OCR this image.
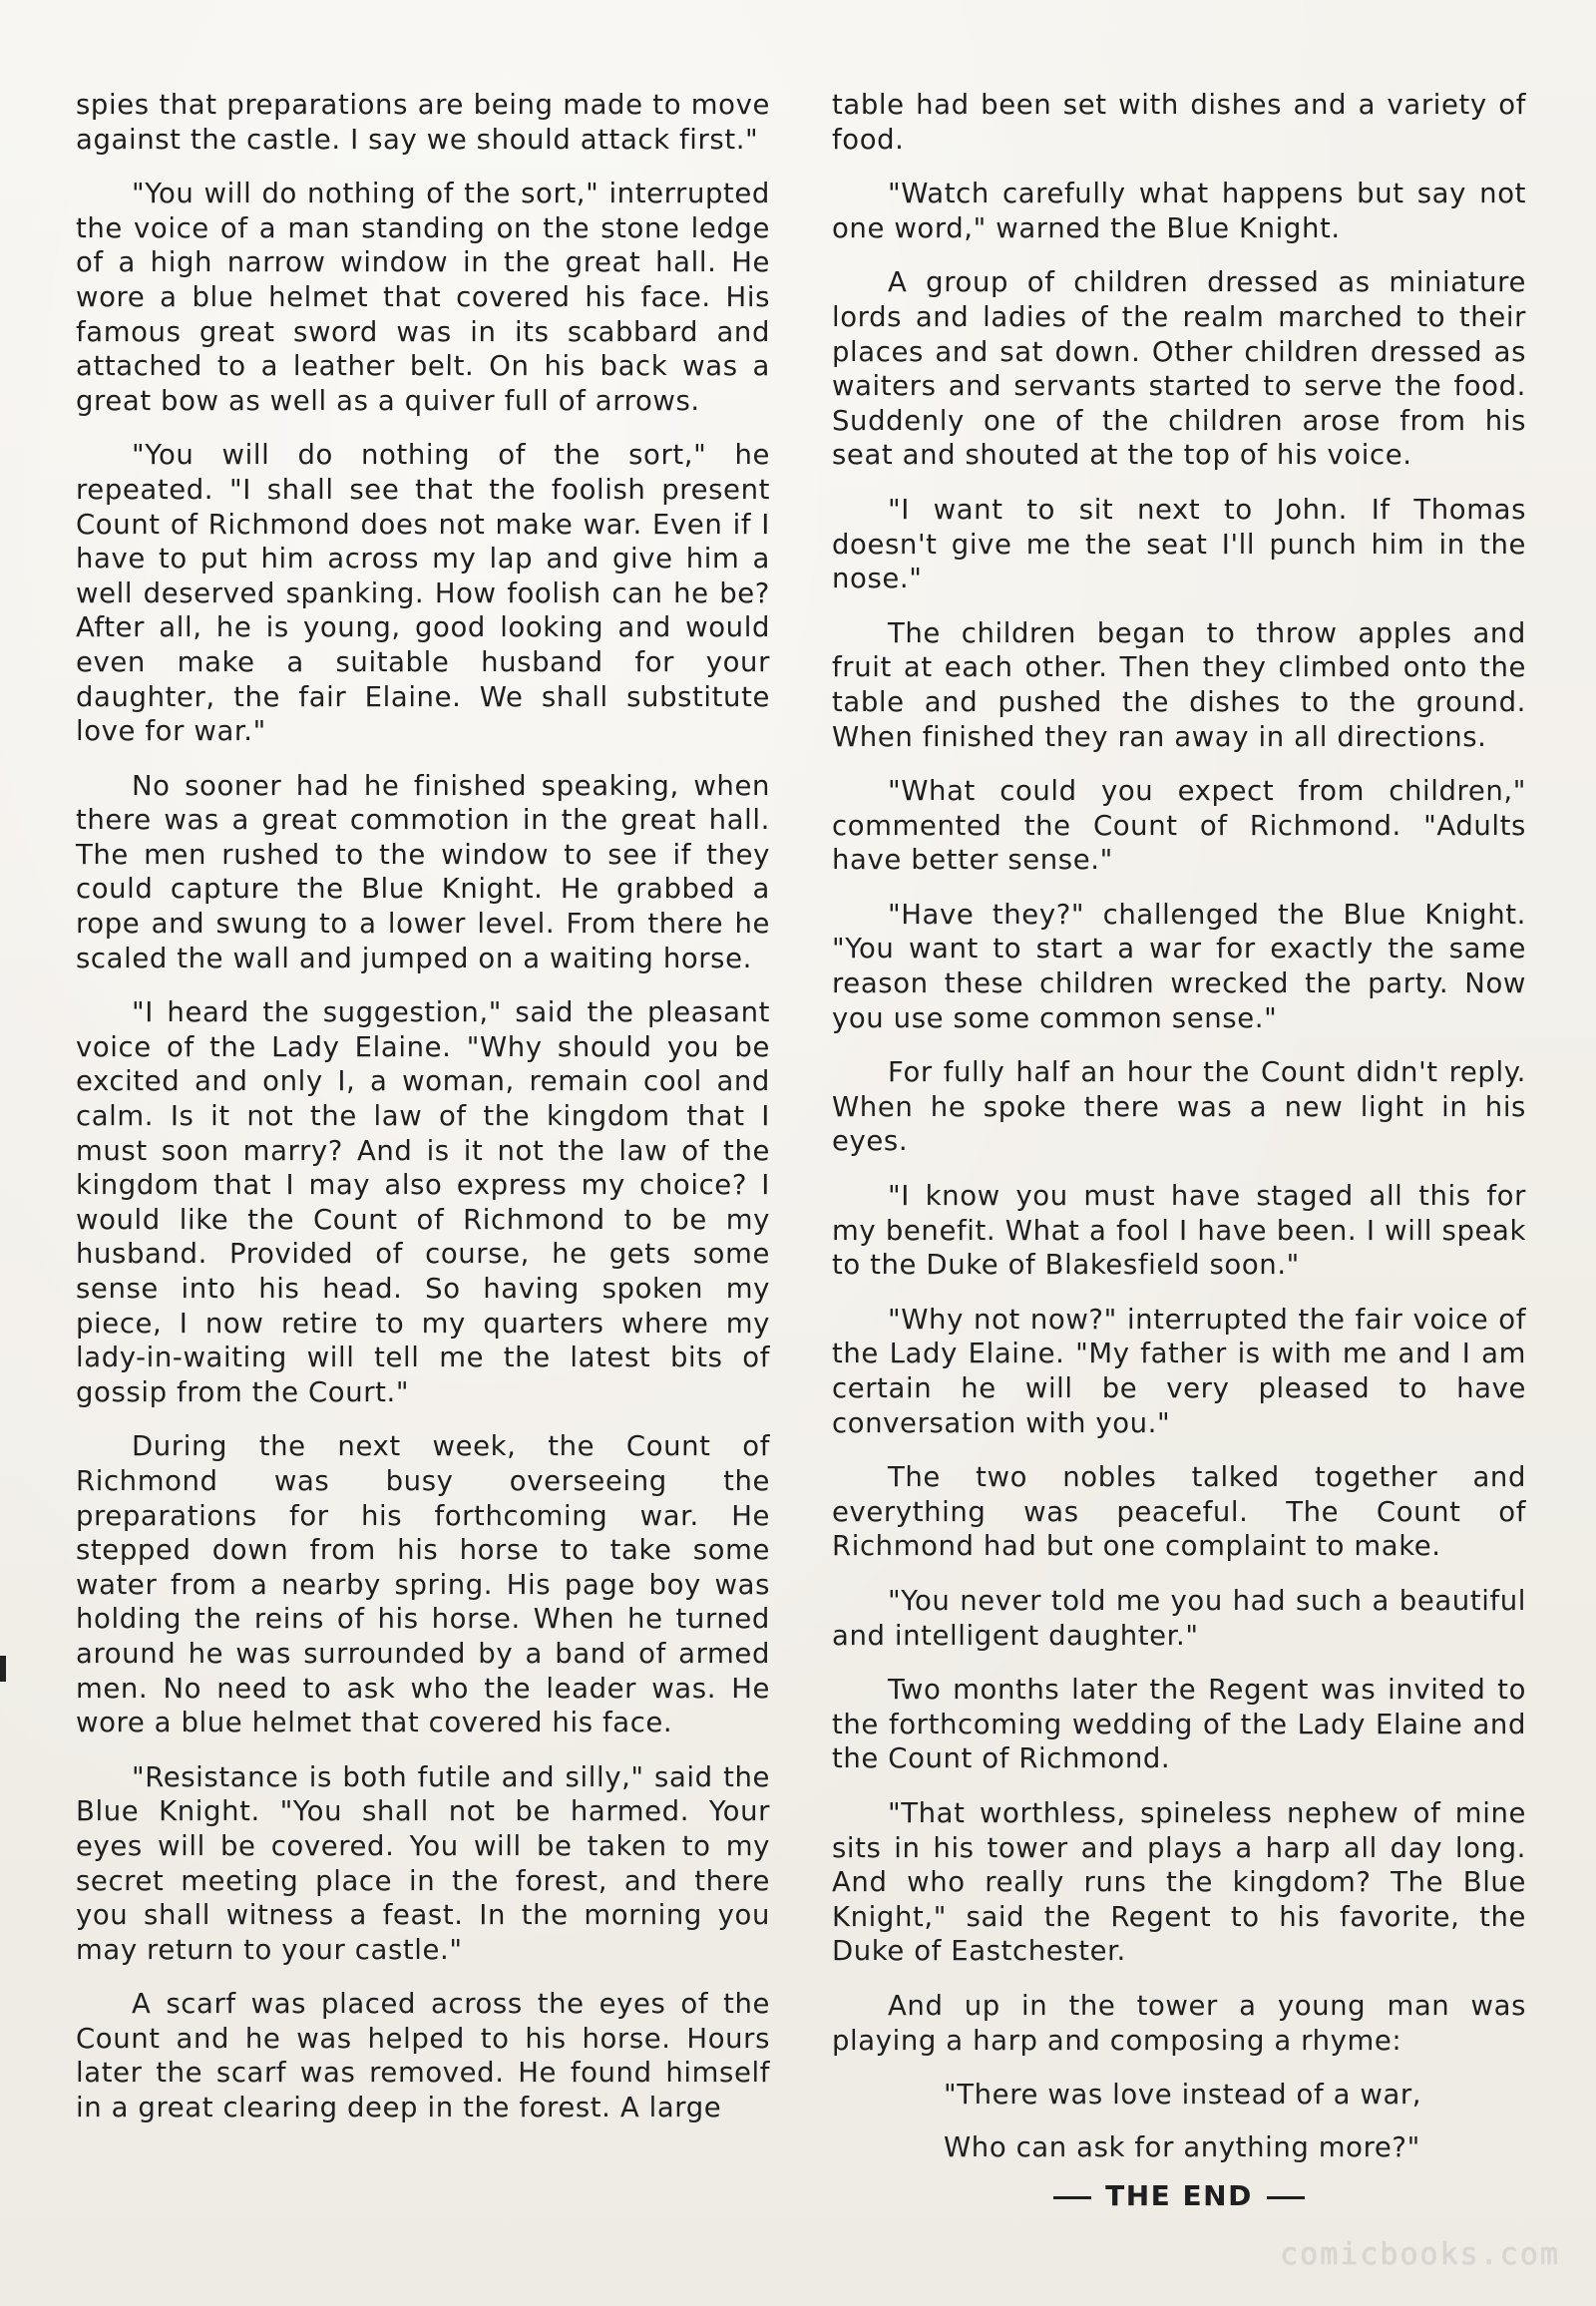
spies that preparations are being made to move against the castle. I say we should attack first."

"You will do nothing of the sort," interrupted the voice of a man standing on the stone ledge of a high narrow window in the great hall. He wore a blue helmet that covered his face. His famous great sword was in its scabbard and attached to a leather belt. On his back was a great bow as well as a quiver full of arrows.

"You will do nothing of the sort," he repeated. "I shall see that the foolish present Count of Richmond does not make war. Even if I have to put him across my lap and give him a well deserved spanking. How foolish can he be? After all, he is young, good looking and would even make a suitable husband for your daughter, the fair Elaine. We shall substitute love for war."

No sooner had he finished speaking, when there was a great commotion in the great hall. The men rushed to the window to see if they could capture the Blue Knight. He grabbed a rope and swung to a lower level. From there he scaled the wall and jumped on a waiting horse.

"I heard the suggestion," said the pleasant voice of the Lady Elaine. "Why should you be excited and only I, a woman, remain cool and calm. Is it not the law of the kingdom that I must soon marry? And is it not the law of the kingdom that I may also express my choice? I would like the Count of Richmond to be my husband. Provided of course, he gets some sense into his head. So having spoken my piece, I now retire to my quarters where my lady-in-waiting will tell me the latest bits of gossip from the Court."

During the next week, the Count of Richmond was busy overseeing the preparations for his forthcoming war. He stepped down from his horse to take some water from a nearby spring. His page boy was holding the reins of his horse. When he turned around he was surrounded by a band of armed men. No need to ask who the leader was. He wore a blue helmet that covered his face.

"Resistance is both futile and silly," said the Blue Knight. "You shall not be harmed. Your eyes will be covered. You will be taken to my secret meeting place in the forest, and there you shall witness a feast. In the morning you may return to your castle."

A scarf was placed across the eyes of the Count and he was helped to his horse. Hours later the scarf was removed. He found himself in a great clearing deep in the forest. A large

table had been set with dishes and a variety of food.

"Watch carefully what happens but say not one word," warned the Blue Knight.

A group of children dressed as miniature lords and ladies of the realm marched to their places and sat down. Other children dressed as waiters and servants started to serve the food. Suddenly one of the children arose from his seat and shouted at the top of his voice.

"I want to sit next to John. If Thomas doesn't give me the seat I'll punch him in the nose."

The children began to throw apples and fruit at each other. Then they climbed onto the table and pushed the dishes to the ground. When finished they ran away in all directions.

"What could you expect from children," commented the Count of Richmond. "Adults have better sense."

"Have they?" challenged the Blue Knight. "You want to start a war for exactly the same reason these children wrecked the party. Now you use some common sense."

For fully half an hour the Count didn't reply. When he spoke there was a new light in his eyes.

"I know you must have staged all this for my benefit. What a fool I have been. I will speak to the Duke of Blakesfield soon."

"Why not now?" interrupted the fair voice of the Lady Elaine. "My father is with me and I am certain he will be very pleased to have conversation with you."

The two nobles talked together and everything was peaceful. The Count of Richmond had but one complaint to make.

"You never told me you had such a beautiful and intelligent daughter."

Two months later the Regent was invited to the forthcoming wedding of the Lady Elaine and the Count of Richmond.

"That worthless, spineless nephew of mine sits in his tower and plays a harp all day long. And who really runs the kingdom? The Blue Knight," said the Regent to his favorite, the Duke of Eastchester.

And up in the tower a young man was playing a harp and composing a rhyme:

"There was love instead of a war,

Who can ask for anything more?"

THE END
comicbooks.com
